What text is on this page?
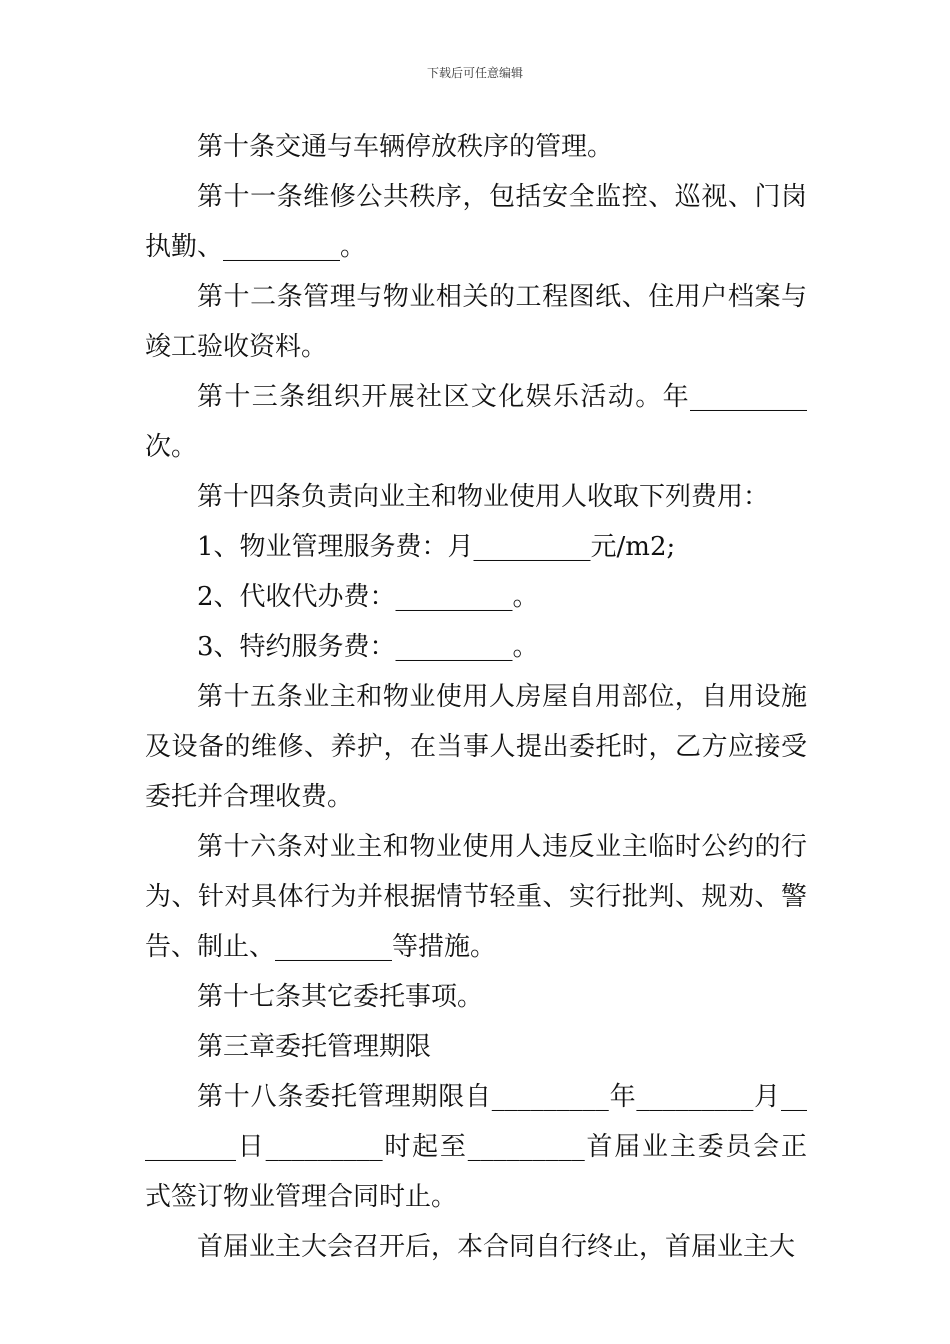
下载后可任意编辑

第十条交通与车辆停放秩序的管理。

第十一条维修公共秩序，包括安全监控、巡视、门岗执勤、_________。

第十二条管理与物业相关的工程图纸、住用户档案与竣工验收资料。

第十三条组织开展社区文化娱乐活动。年_________次。

第十四条负责向业主和物业使用人收取下列费用：

1、物业管理服务费：月_________元/m2;

2、代收代办费：_________。

3、特约服务费：_________。

第十五条业主和物业使用人房屋自用部位，自用设施及设备的维修、养护，在当事人提出委托时，乙方应接受委托并合理收费。

第十六条对业主和物业使用人违反业主临时公约的行为、针对具体行为并根据情节轻重、实行批判、规劝、警告、制止、_________等措施。

第十七条其它委托事项。

第三章委托管理期限

第十八条委托管理期限自_________年_________月_________日_________时起至_________首届业主委员会正式签订物业管理合同时止。

首届业主大会召开后，本合同自行终止，首届业主大
